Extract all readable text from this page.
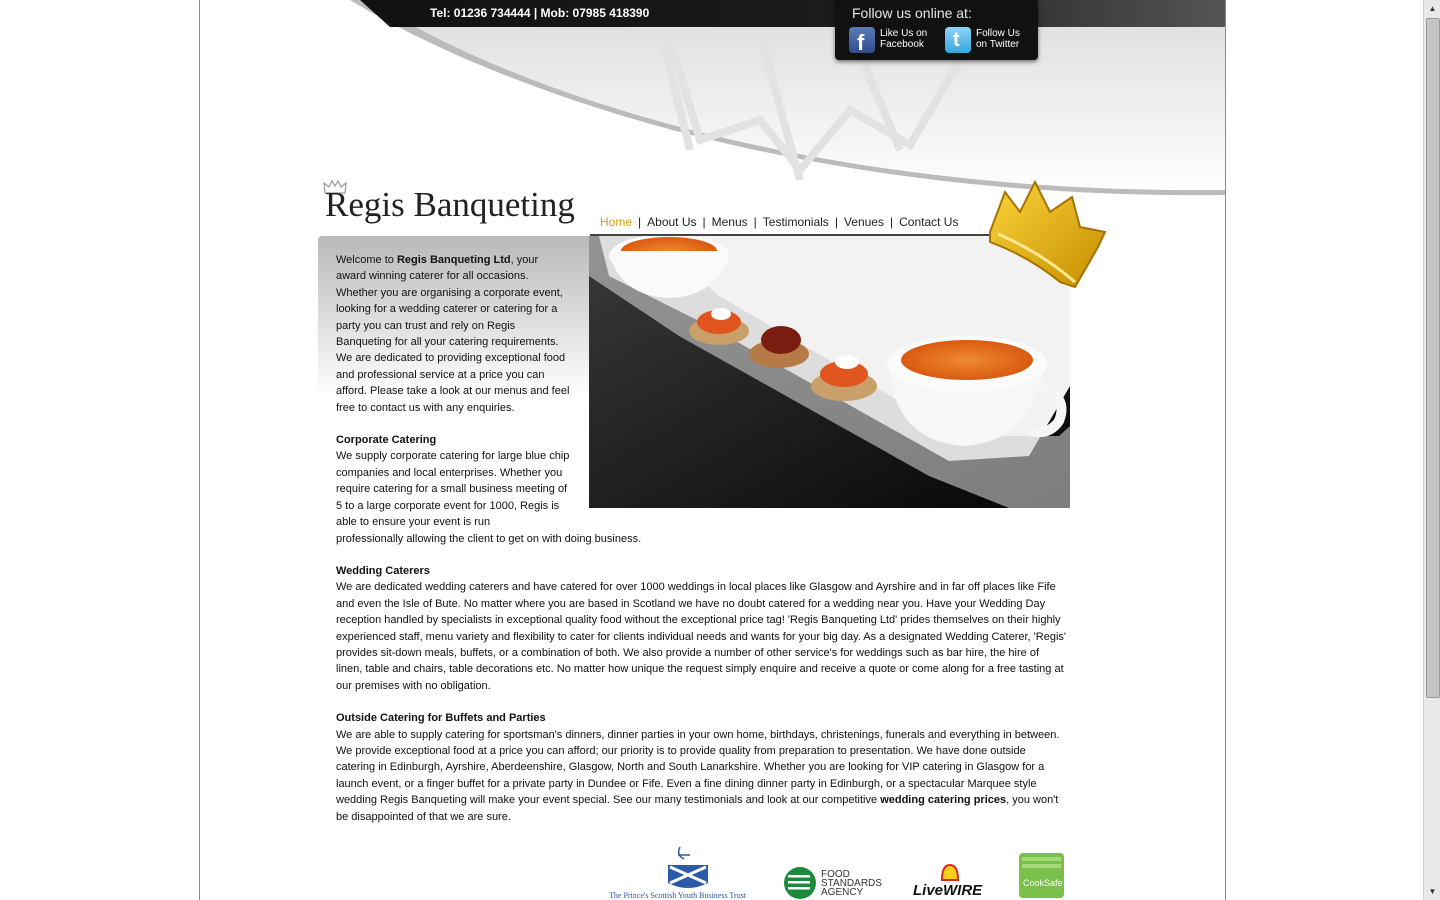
Tel: 01236 734444 | Mob: 07985 418390	Follow us online at:
f Like Us on
Facebook	t Follow Us
on Twitter
Regis Banqueting Home | About Us | Menus | Testimonials | Venues | Contact Us

Welcome to Regis Banqueting Ltd, your award winning caterer for all occasions. Whether you are organising a corporate event, looking for a wedding caterer or catering for a party you can trust and rely on Regis Banqueting for all your catering requirements. We are dedicated to providing exceptional food and professional service at a price you can afford. Please take a look at our menus and feel free to contact us with any enquiries.

Corporate Catering

We supply corporate catering for large blue chip companies and local enterprises. Whether you require catering for a small business meeting of 5 to a large corporate event for 1000, Regis is able to ensure your event is run

professionally allowing the client to get on with doing business.

Wedding Caterers

We are dedicated wedding caterers and have catered for over 1000 weddings in local places like Glasgow and Ayrshire and in far off places like Fife and even the Isle of Bute. No matter where you are based in Scotland we have no doubt catered for a wedding near you. Have your Wedding Day reception handled by specialists in exceptional quality food without the exceptional price tag! 'Regis Banqueting Ltd' prides themselves on their highly experienced staff, menu variety and flexibility to cater for clients individual needs and wants for your big day. As a designated Wedding Caterer, 'Regis' provides sit-down meals, buffets, or a combination of both. We also provide a number of other service's for weddings such as bar hire, the hire of linen, table and chairs, table decorations etc. No matter how unique the request simply enquire and receive a quote or come along for a free tasting at our premises with no obligation.

Outside Catering for Buffets and Parties

We are able to supply catering for sportsman's dinners, dinner parties in your own home, birthdays, christenings, funerals and everything in between. We provide exceptional food at a price you can afford; our priority is to provide quality from preparation to presentation. We have done outside catering in Edinburgh, Ayrshire, Aberdeenshire, Glasgow, North and South Lanarkshire. Whether you are looking for VIP catering in Glasgow for a launch event, or a finger buffet for a private party in Dundee or Fife. Even a fine dining dinner party in Edinburgh, or a spectacular Marquee style wedding Regis Banqueting will make your event special. See our many testimonials and look at our competitive wedding catering prices, you won't be disappointed of that we are sure.

The Prince's Scottish Youth Business Trust
FOOD
STANDARDS
AGENCY	LiveWIRE	CookSafe
▲
▼
